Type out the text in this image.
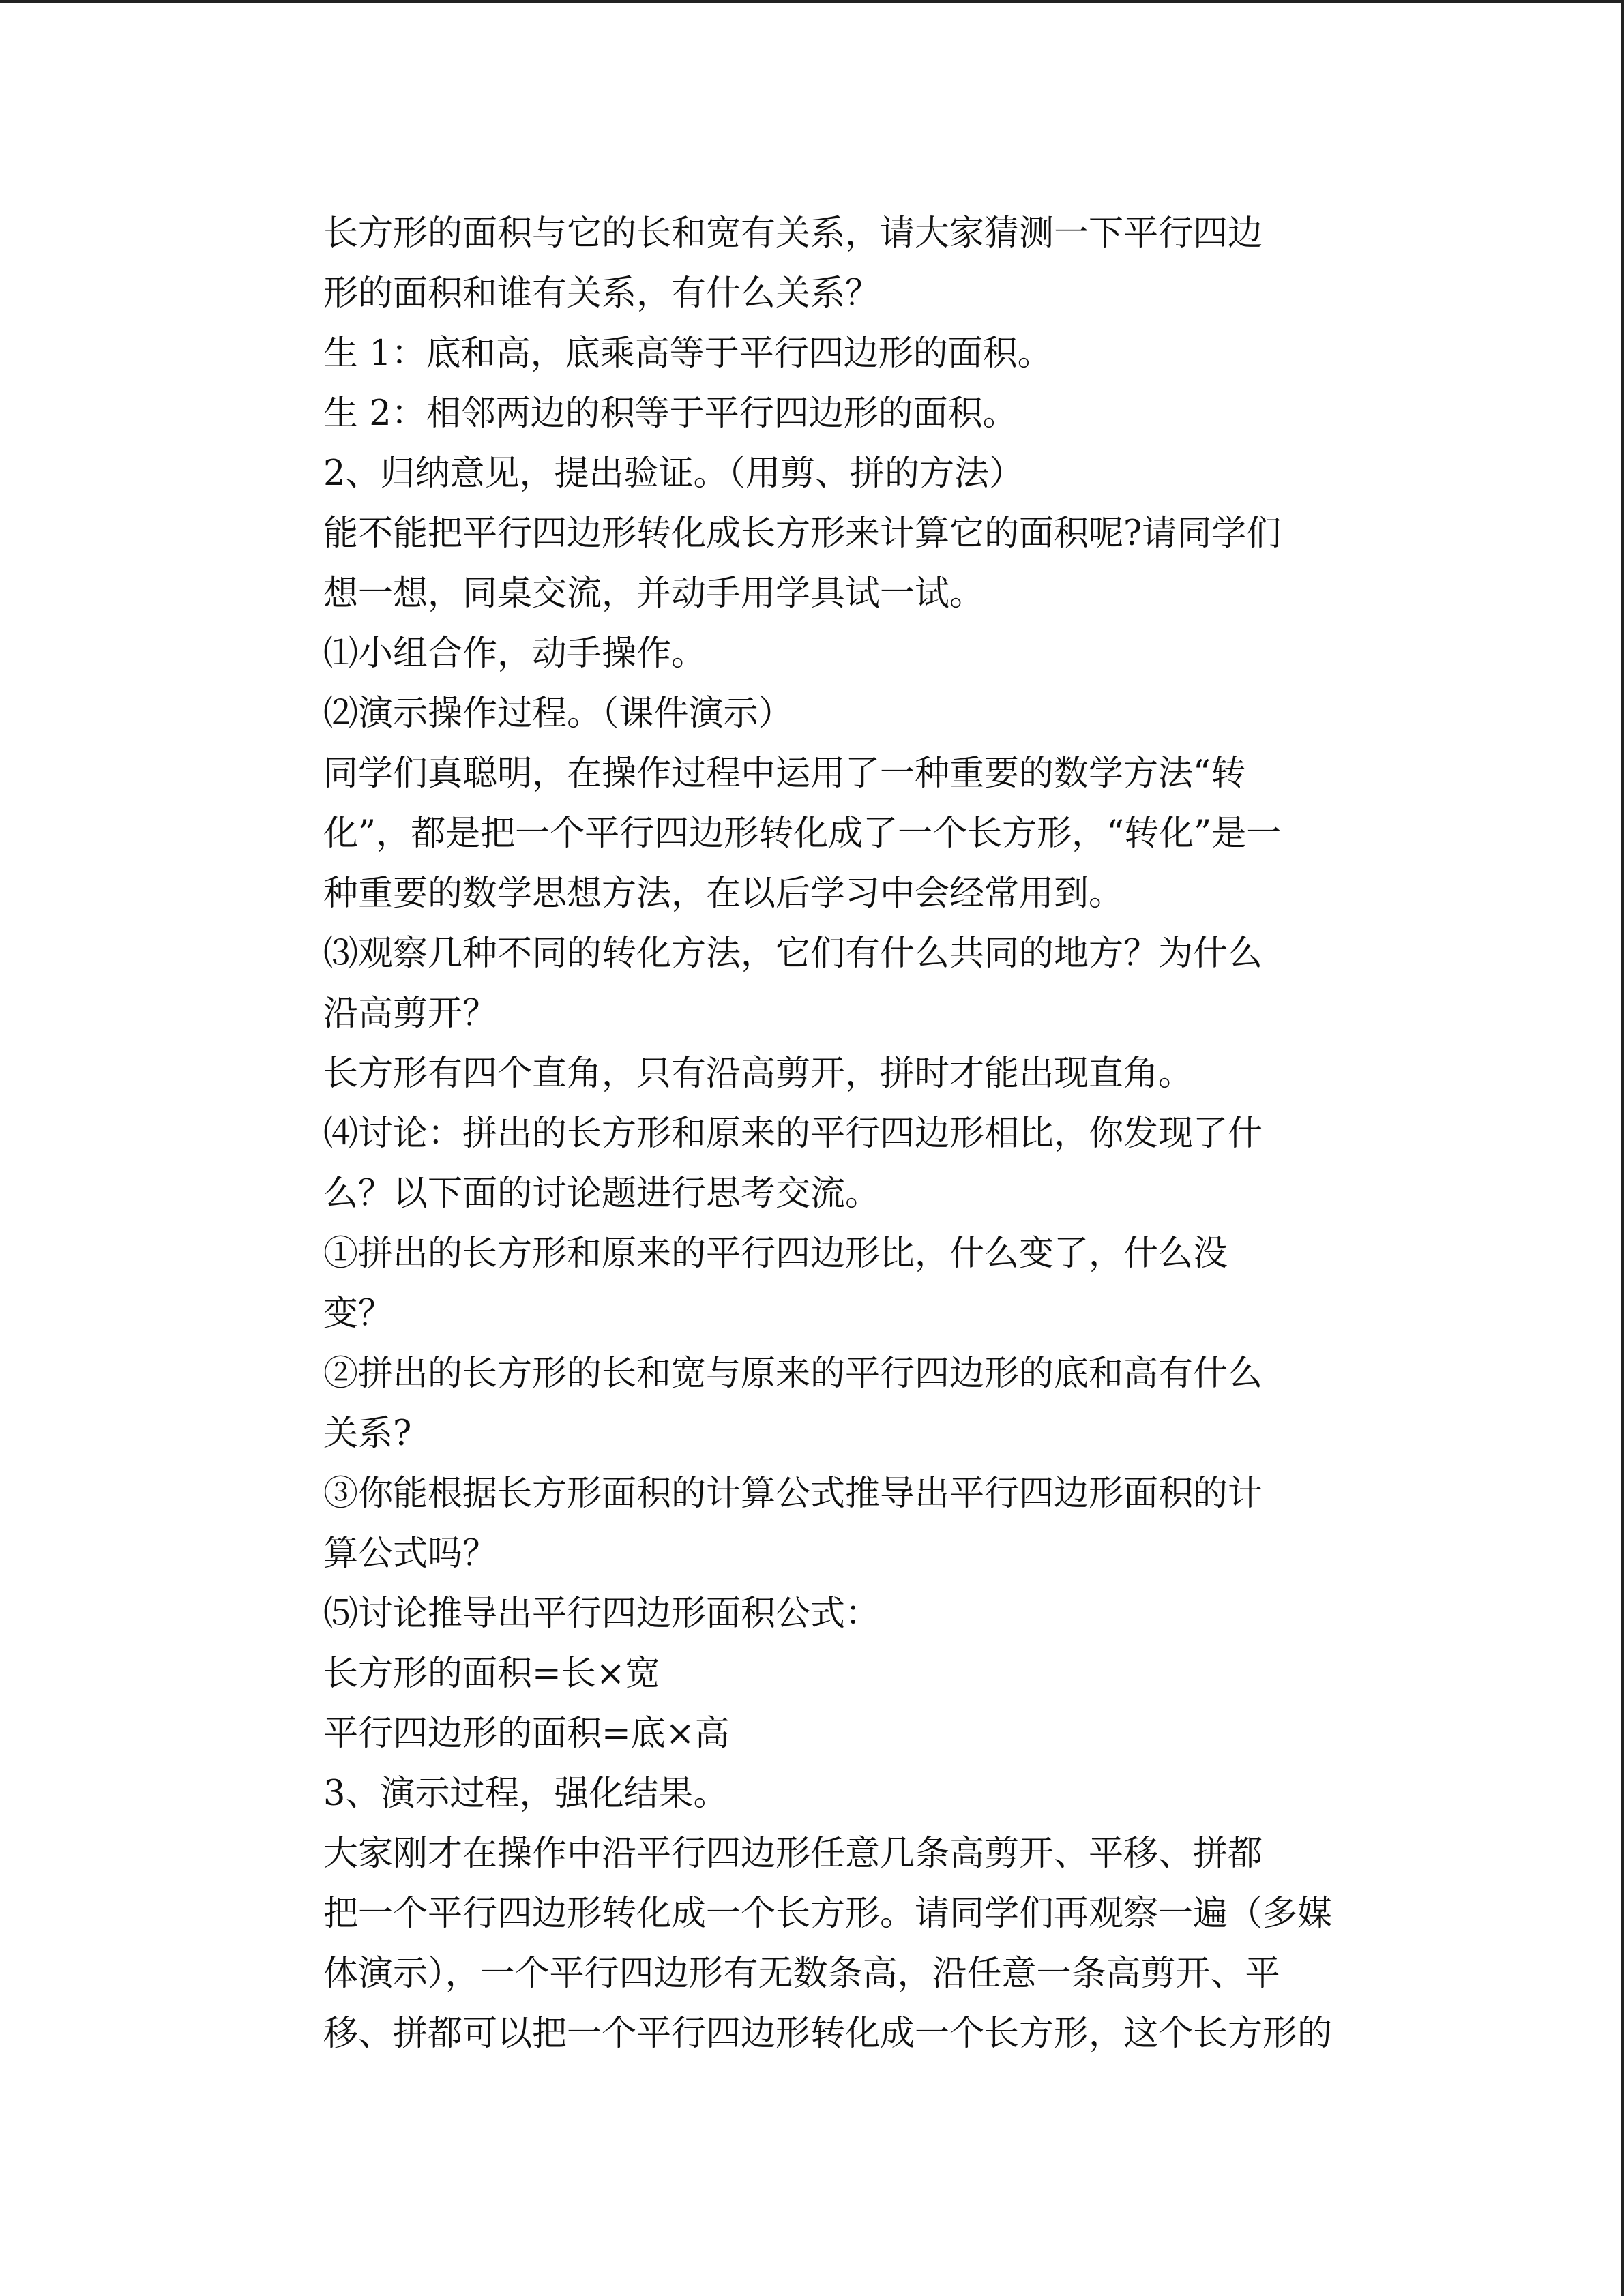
长方形的面积与它的长和宽有关系，请大家猜测一下平行四边
形的面积和谁有关系，有什么关系？

生 1：底和高，底乘高等于平行四边形的面积。

生 2：相邻两边的积等于平行四边形的面积。

2、归纳意见，提出验证。（用剪、拼的方法）

能不能把平行四边形转化成长方形来计算它的面积呢?请同学们
想一想，同桌交流，并动手用学具试一试。

⑴小组合作，动手操作。

⑵演示操作过程。（课件演示）

同学们真聪明，在操作过程中运用了一种重要的数学方法“转
化”，都是把一个平行四边形转化成了一个长方形，“转化”是一
种重要的数学思想方法，在以后学习中会经常用到。

⑶观察几种不同的转化方法，它们有什么共同的地方？为什么
沿高剪开？

长方形有四个直角，只有沿高剪开，拼时才能出现直角。

⑷讨论：拼出的长方形和原来的平行四边形相比，你发现了什
么？以下面的讨论题进行思考交流。

①拼出的长方形和原来的平行四边形比，什么变了，什么没
变？

②拼出的长方形的长和宽与原来的平行四边形的底和高有什么
关系?

③你能根据长方形面积的计算公式推导出平行四边形面积的计
算公式吗？

⑸讨论推导出平行四边形面积公式：

长方形的面积=长×宽

平行四边形的面积=底×高

3、演示过程，强化结果。

大家刚才在操作中沿平行四边形任意几条高剪开、平移、拼都
把一个平行四边形转化成一个长方形。请同学们再观察一遍（多媒
体演示），一个平行四边形有无数条高，沿任意一条高剪开、平
移、拼都可以把一个平行四边形转化成一个长方形，这个长方形的
